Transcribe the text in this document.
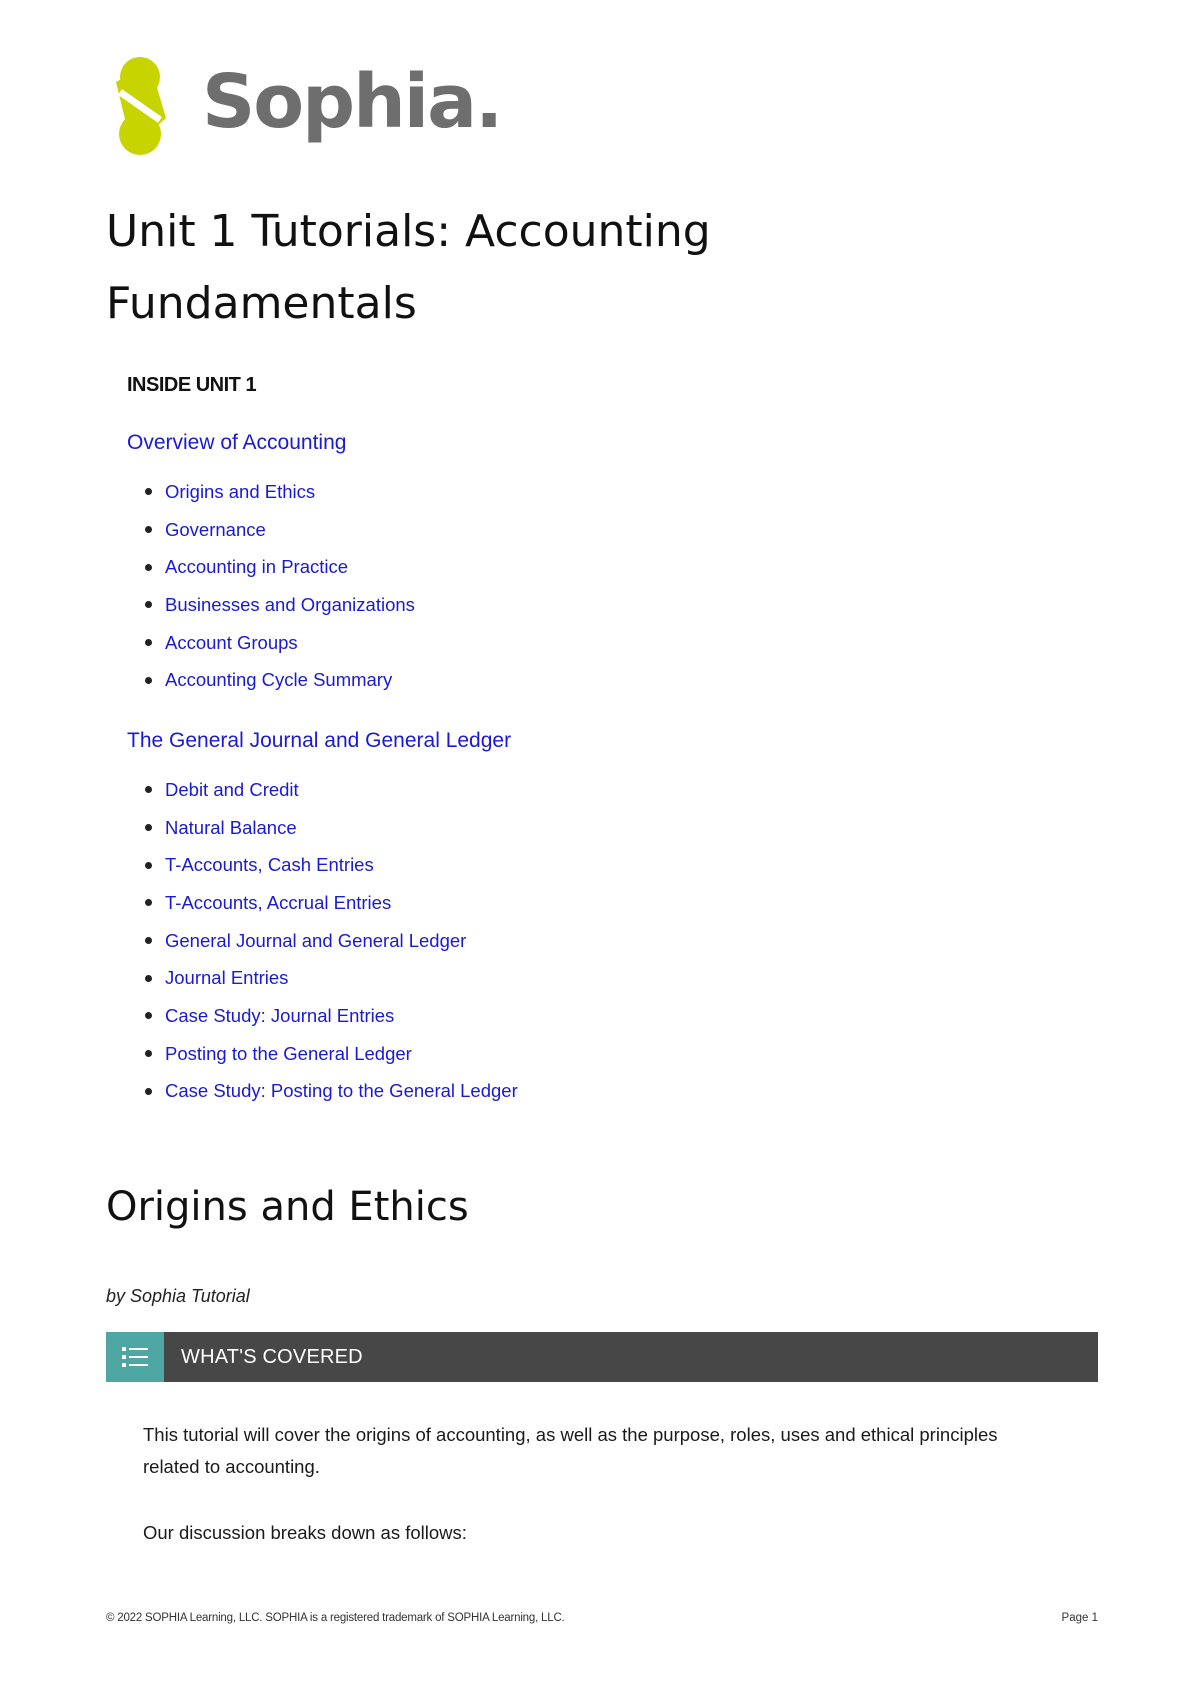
Sophia.
Unit 1 Tutorials: Accounting
Fundamentals
INSIDE UNIT 1
Overview of Accounting
Origins and Ethics
Governance
Accounting in Practice
Businesses and Organizations
Account Groups
Accounting Cycle Summary
The General Journal and General Ledger
Debit and Credit
Natural Balance
T-Accounts, Cash Entries
T-Accounts, Accrual Entries
General Journal and General Ledger
Journal Entries
Case Study: Journal Entries
Posting to the General Ledger
Case Study: Posting to the General Ledger
Origins and Ethics
by Sophia Tutorial
WHAT'S COVERED

This tutorial will cover the origins of accounting, as well as the purpose, roles, uses and ethical principles related to accounting.

Our discussion breaks down as follows:

© 2022 SOPHIA Learning, LLC. SOPHIA is a registered trademark of SOPHIA Learning, LLC.	Page 1
